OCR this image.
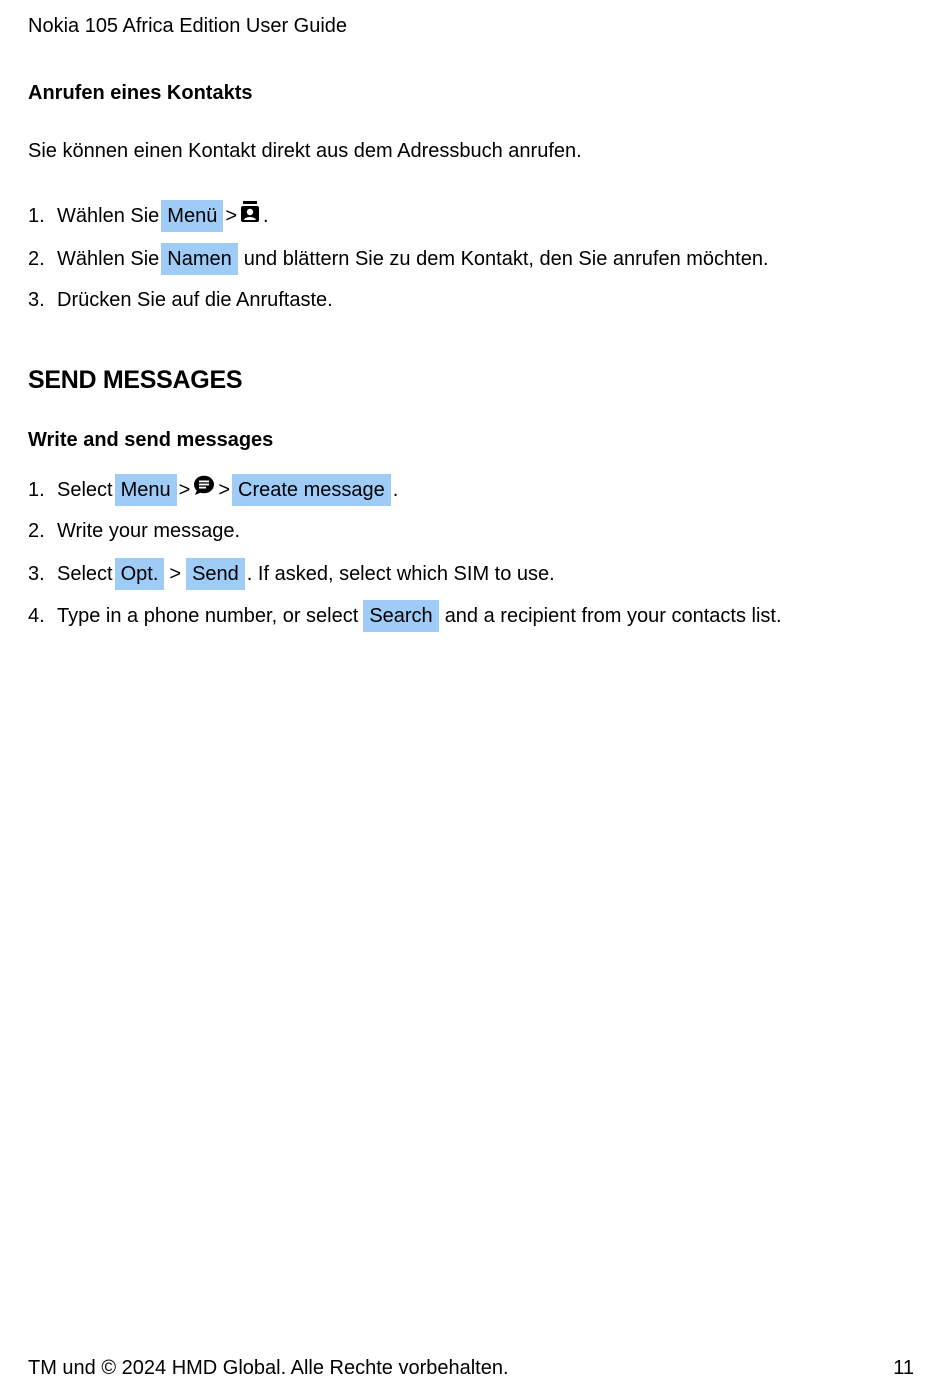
Nokia 105 Africa Edition User Guide
Anrufen eines Kontakts
Sie können einen Kontakt direkt aus dem Adressbuch anrufen.
1. Wählen Sie Menü > .
2. Wählen Sie Namen und blättern Sie zu dem Kontakt, den Sie anrufen möchten.
3. Drücken Sie auf die Anruftaste.
SEND MESSAGES
Write and send messages
1. Select Menu > > Create message .
2. Write your message.
3. Select Opt. > Send . If asked, select which SIM to use.
4. Type in a phone number, or select Search and a recipient from your contacts list.
TM und © 2024 HMD Global. Alle Rechte vorbehalten.	11
